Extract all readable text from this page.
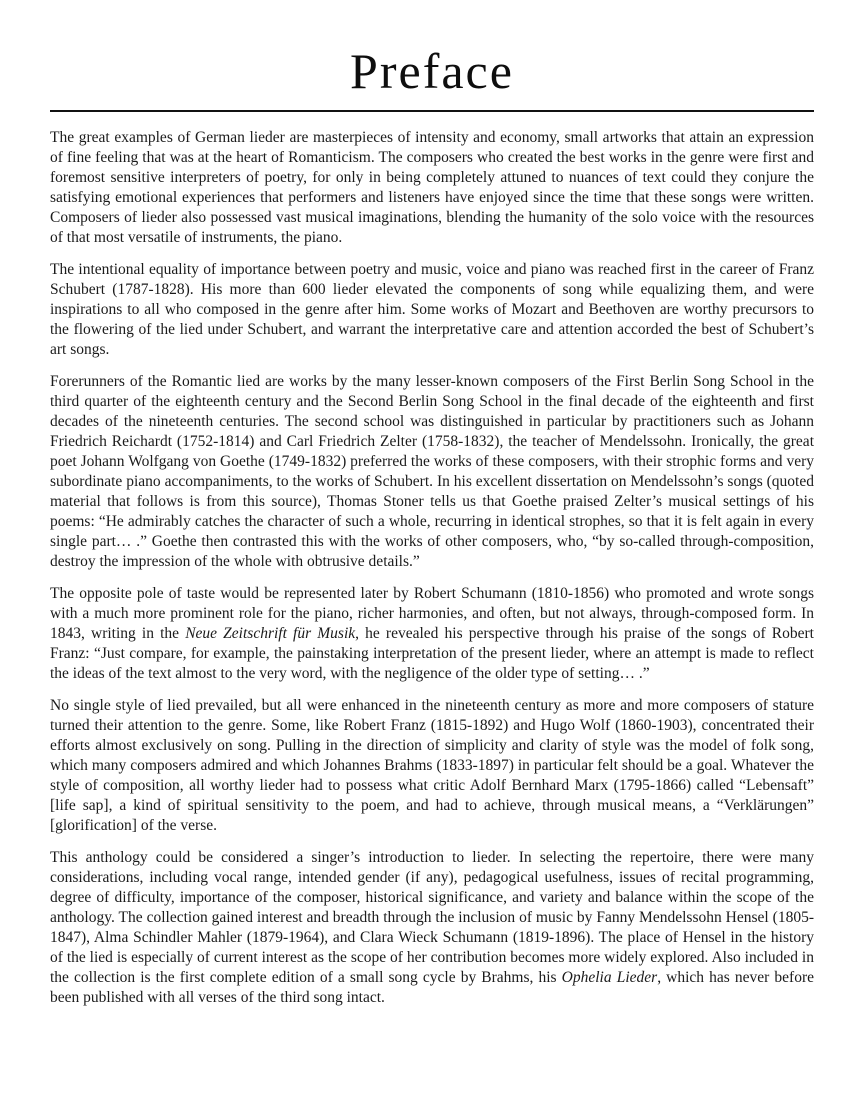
Preface

The great examples of German lieder are masterpieces of intensity and economy, small artworks that attain an expression of fine feeling that was at the heart of Romanticism. The composers who created the best works in the genre were first and foremost sensitive interpreters of poetry, for only in being completely attuned to nuances of text could they conjure the satisfying emotional experiences that performers and listeners have enjoyed since the time that these songs were written. Composers of lieder also possessed vast musical imaginations, blending the humanity of the solo voice with the resources of that most versatile of instruments, the piano.

The intentional equality of importance between poetry and music, voice and piano was reached first in the career of Franz Schubert (1787-1828). His more than 600 lieder elevated the components of song while equalizing them, and were inspirations to all who composed in the genre after him. Some works of Mozart and Beethoven are worthy precursors to the flowering of the lied under Schubert, and warrant the interpretative care and attention accorded the best of Schubert’s art songs.

Forerunners of the Romantic lied are works by the many lesser-known composers of the First Berlin Song School in the third quarter of the eighteenth century and the Second Berlin Song School in the final decade of the eighteenth and first decades of the nineteenth centuries. The second school was distinguished in particular by practitioners such as Johann Friedrich Reichardt (1752-1814) and Carl Friedrich Zelter (1758-1832), the teacher of Mendelssohn. Ironically, the great poet Johann Wolfgang von Goethe (1749-1832) preferred the works of these composers, with their strophic forms and very subordinate piano accompaniments, to the works of Schubert. In his excellent dissertation on Mendelssohn’s songs (quoted material that follows is from this source), Thomas Stoner tells us that Goethe praised Zelter’s musical settings of his poems: “He admirably catches the character of such a whole, recurring in identical strophes, so that it is felt again in every single part… .” Goethe then contrasted this with the works of other composers, who, “by so-called through-composition, destroy the impression of the whole with obtrusive details.”

The opposite pole of taste would be represented later by Robert Schumann (1810-1856) who promoted and wrote songs with a much more prominent role for the piano, richer harmonies, and often, but not always, through-composed form. In 1843, writing in the Neue Zeitschrift für Musik, he revealed his perspective through his praise of the songs of Robert Franz: “Just compare, for example, the painstaking interpretation of the present lieder, where an attempt is made to reflect the ideas of the text almost to the very word, with the negligence of the older type of setting… .”

No single style of lied prevailed, but all were enhanced in the nineteenth century as more and more composers of stature turned their attention to the genre. Some, like Robert Franz (1815-1892) and Hugo Wolf (1860-1903), concentrated their efforts almost exclusively on song. Pulling in the direction of simplicity and clarity of style was the model of folk song, which many composers admired and which Johannes Brahms (1833-1897) in particular felt should be a goal. Whatever the style of composition, all worthy lieder had to possess what critic Adolf Bernhard Marx (1795-1866) called “Lebensaft” [life sap], a kind of spiritual sensitivity to the poem, and had to achieve, through musical means, a “Verklärungen” [glorification] of the verse.

This anthology could be considered a singer’s introduction to lieder. In selecting the repertoire, there were many considerations, including vocal range, intended gender (if any), pedagogical usefulness, issues of recital programming, degree of difficulty, importance of the composer, historical significance, and variety and balance within the scope of the anthology. The collection gained interest and breadth through the inclusion of music by Fanny Mendelssohn Hensel (1805-1847), Alma Schindler Mahler (1879-1964), and Clara Wieck Schumann (1819-1896). The place of Hensel in the history of the lied is especially of current interest as the scope of her contribution becomes more widely explored. Also included in the collection is the first complete edition of a small song cycle by Brahms, his Ophelia Lieder, which has never before been published with all verses of the third song intact.
